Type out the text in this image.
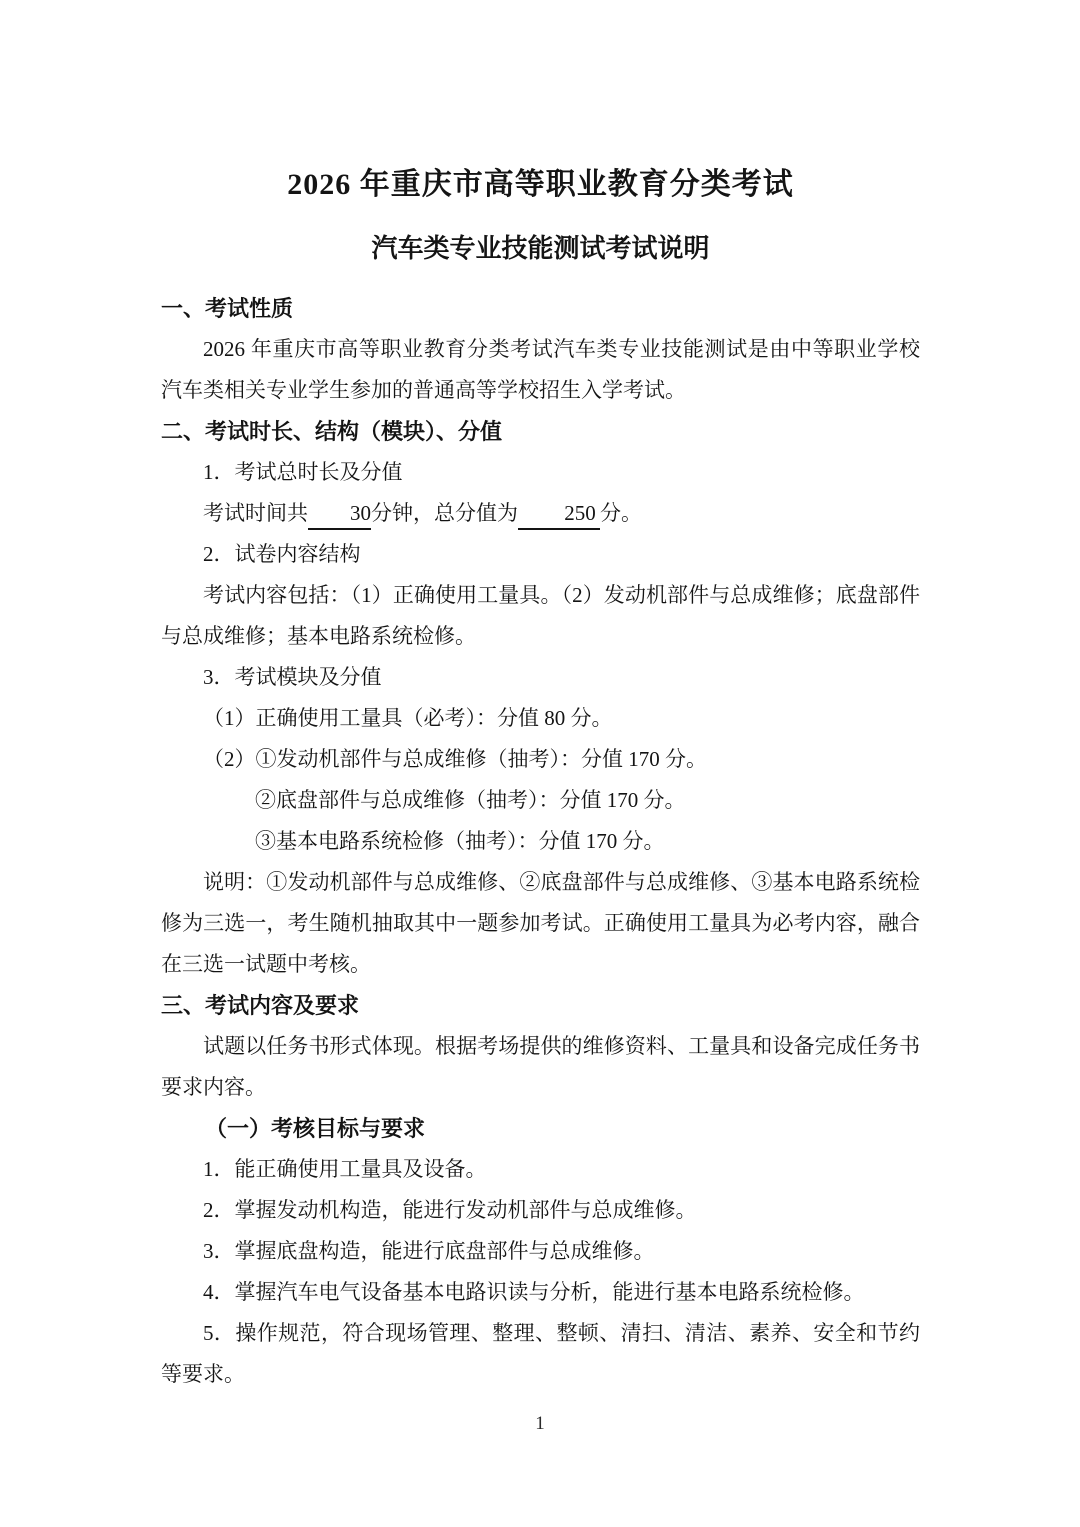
2026 年重庆市高等职业教育分类考试
汽车类专业技能测试考试说明
一、考试性质
2026 年重庆市高等职业教育分类考试汽车类专业技能测试是由中等职业学校汽车类相关专业学生参加的普通高等学校招生入学考试。
二、考试时长、结构（模块）、分值
1．考试总时长及分值
考试时间共 30分钟，总分值为 250 分。
2．试卷内容结构
考试内容包括：（1）正确使用工量具。（2）发动机部件与总成维修；底盘部件与总成维修；基本电路系统检修。
3．考试模块及分值
（1）正确使用工量具（必考）：分值 80 分。
（2）①发动机部件与总成维修（抽考）：分值 170 分。
②底盘部件与总成维修（抽考）：分值 170 分。
③基本电路系统检修（抽考）：分值 170 分。
说明：①发动机部件与总成维修、②底盘部件与总成维修、③基本电路系统检修为三选一，考生随机抽取其中一题参加考试。正确使用工量具为必考内容，融合在三选一试题中考核。
三、考试内容及要求
试题以任务书形式体现。根据考场提供的维修资料、工量具和设备完成任务书要求内容。
（一）考核目标与要求
1．能正确使用工量具及设备。
2．掌握发动机构造，能进行发动机部件与总成维修。
3．掌握底盘构造，能进行底盘部件与总成维修。
4．掌握汽车电气设备基本电路识读与分析，能进行基本电路系统检修。
5．操作规范，符合现场管理、整理、整顿、清扫、清洁、素养、安全和节约等要求。
1
